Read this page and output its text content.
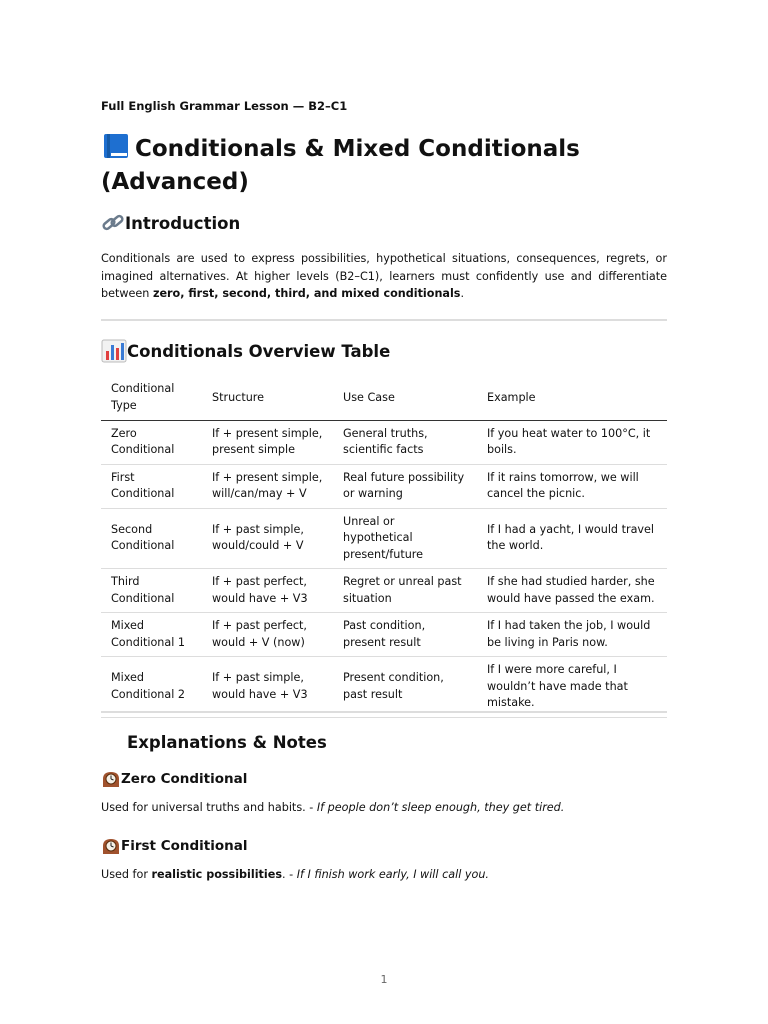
Full English Grammar Lesson — B2–C1
Conditionals & Mixed Conditionals (Advanced)
Introduction

Conditionals are used to express possibilities, hypothetical situations, consequences, regrets, or imagined alternatives. At higher levels (B2–C1), learners must confidently use and differentiate between zero, first, second, third, and mixed conditionals.

Conditionals Overview Table
Conditional Type	Structure	Use Case	Example
Zero Conditional	If + present simple, present simple	General truths, scientific facts	If you heat water to 100°C, it boils.
First Conditional	If + present simple, will/can/may + V	Real future possibility or warning	If it rains tomorrow, we will cancel the picnic.
Second Conditional	If + past simple, would/could + V	Unreal or hypothetical present/future	If I had a yacht, I would travel the world.
Third Conditional	If + past perfect, would have + V3	Regret or unreal past situation	If she had studied harder, she would have passed the exam.
Mixed Conditional 1	If + past perfect, would + V (now)	Past condition, present result	If I had taken the job, I would be living in Paris now.
Mixed Conditional 2	If + past simple, would have + V3	Present condition, past result	If I were more careful, I wouldn’t have made that mistake.
Explanations & Notes
Zero Conditional

Used for universal truths and habits. - If people don’t sleep enough, they get tired.

First Conditional

Used for realistic possibilities. - If I finish work early, I will call you.

1
